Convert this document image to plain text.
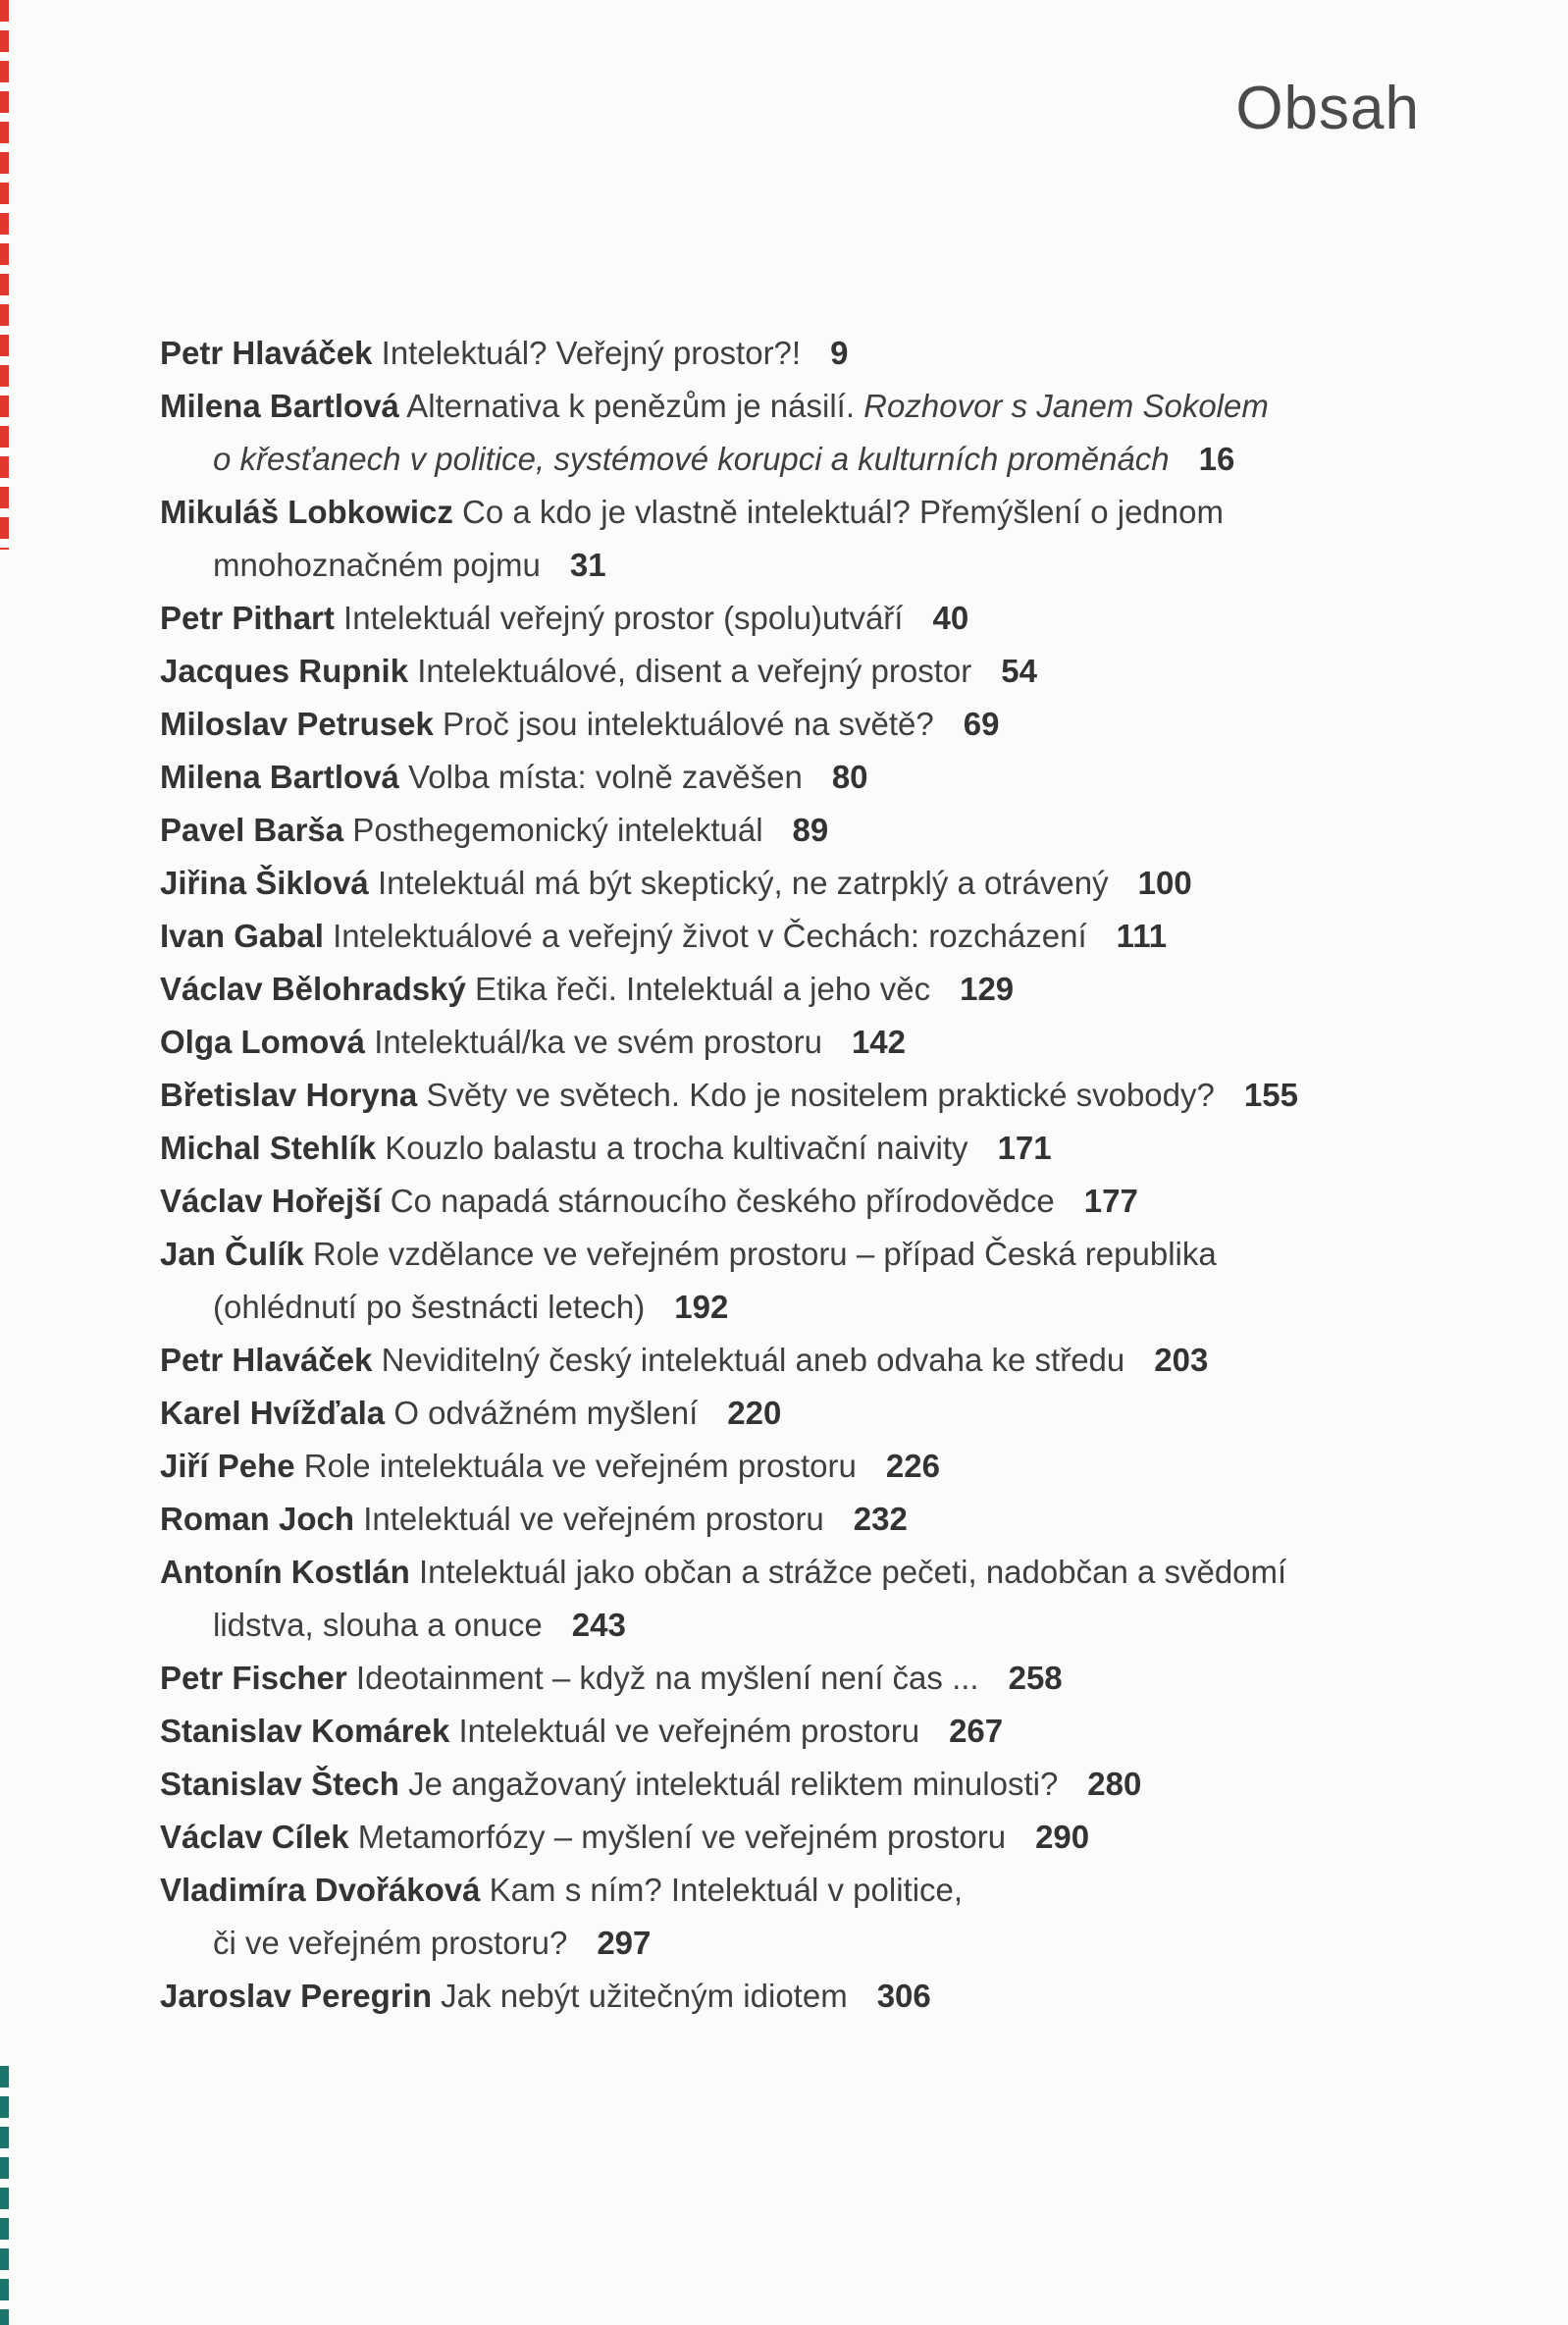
Obsah
Petr Hlaváček Intelektuál? Veřejný prostor?! 9
Milena Bartlová Alternativa k penězům je násilí. Rozhovor s Janem Sokolem
o křesťanech v politice, systémové korupci a kulturních proměnách 16
Mikuláš Lobkowicz Co a kdo je vlastně intelektuál? Přemýšlení o jednom
mnohoznačném pojmu 31
Petr Pithart Intelektuál veřejný prostor (spolu)utváří 40
Jacques Rupnik Intelektuálové, disent a veřejný prostor 54
Miloslav Petrusek Proč jsou intelektuálové na světě? 69
Milena Bartlová Volba místa: volně zavěšen 80
Pavel Barša Posthegemonický intelektuál 89
Jiřina Šiklová Intelektuál má být skeptický, ne zatrpklý a otrávený 100
Ivan Gabal Intelektuálové a veřejný život v Čechách: rozcházení 111
Václav Bělohradský Etika řeči. Intelektuál a jeho věc 129
Olga Lomová Intelektuál/ka ve svém prostoru 142
Břetislav Horyna Světy ve světech. Kdo je nositelem praktické svobody? 155
Michal Stehlík Kouzlo balastu a trocha kultivační naivity 171
Václav Hořejší Co napadá stárnoucího českého přírodovědce 177
Jan Čulík Role vzdělance ve veřejném prostoru – případ Česká republika
(ohlédnutí po šestnácti letech) 192
Petr Hlaváček Neviditelný český intelektuál aneb odvaha ke středu 203
Karel Hvížďala O odvážném myšlení 220
Jiří Pehe Role intelektuála ve veřejném prostoru 226
Roman Joch Intelektuál ve veřejném prostoru 232
Antonín Kostlán Intelektuál jako občan a strážce pečeti, nadobčan a svědomí
lidstva, slouha a onuce 243
Petr Fischer Ideotainment – když na myšlení není čas ... 258
Stanislav Komárek Intelektuál ve veřejném prostoru 267
Stanislav Štech Je angažovaný intelektuál reliktem minulosti? 280
Václav Cílek Metamorfózy – myšlení ve veřejném prostoru 290
Vladimíra Dvořáková Kam s ním? Intelektuál v politice,
či ve veřejném prostoru? 297
Jaroslav Peregrin Jak nebýt užitečným idiotem 306
